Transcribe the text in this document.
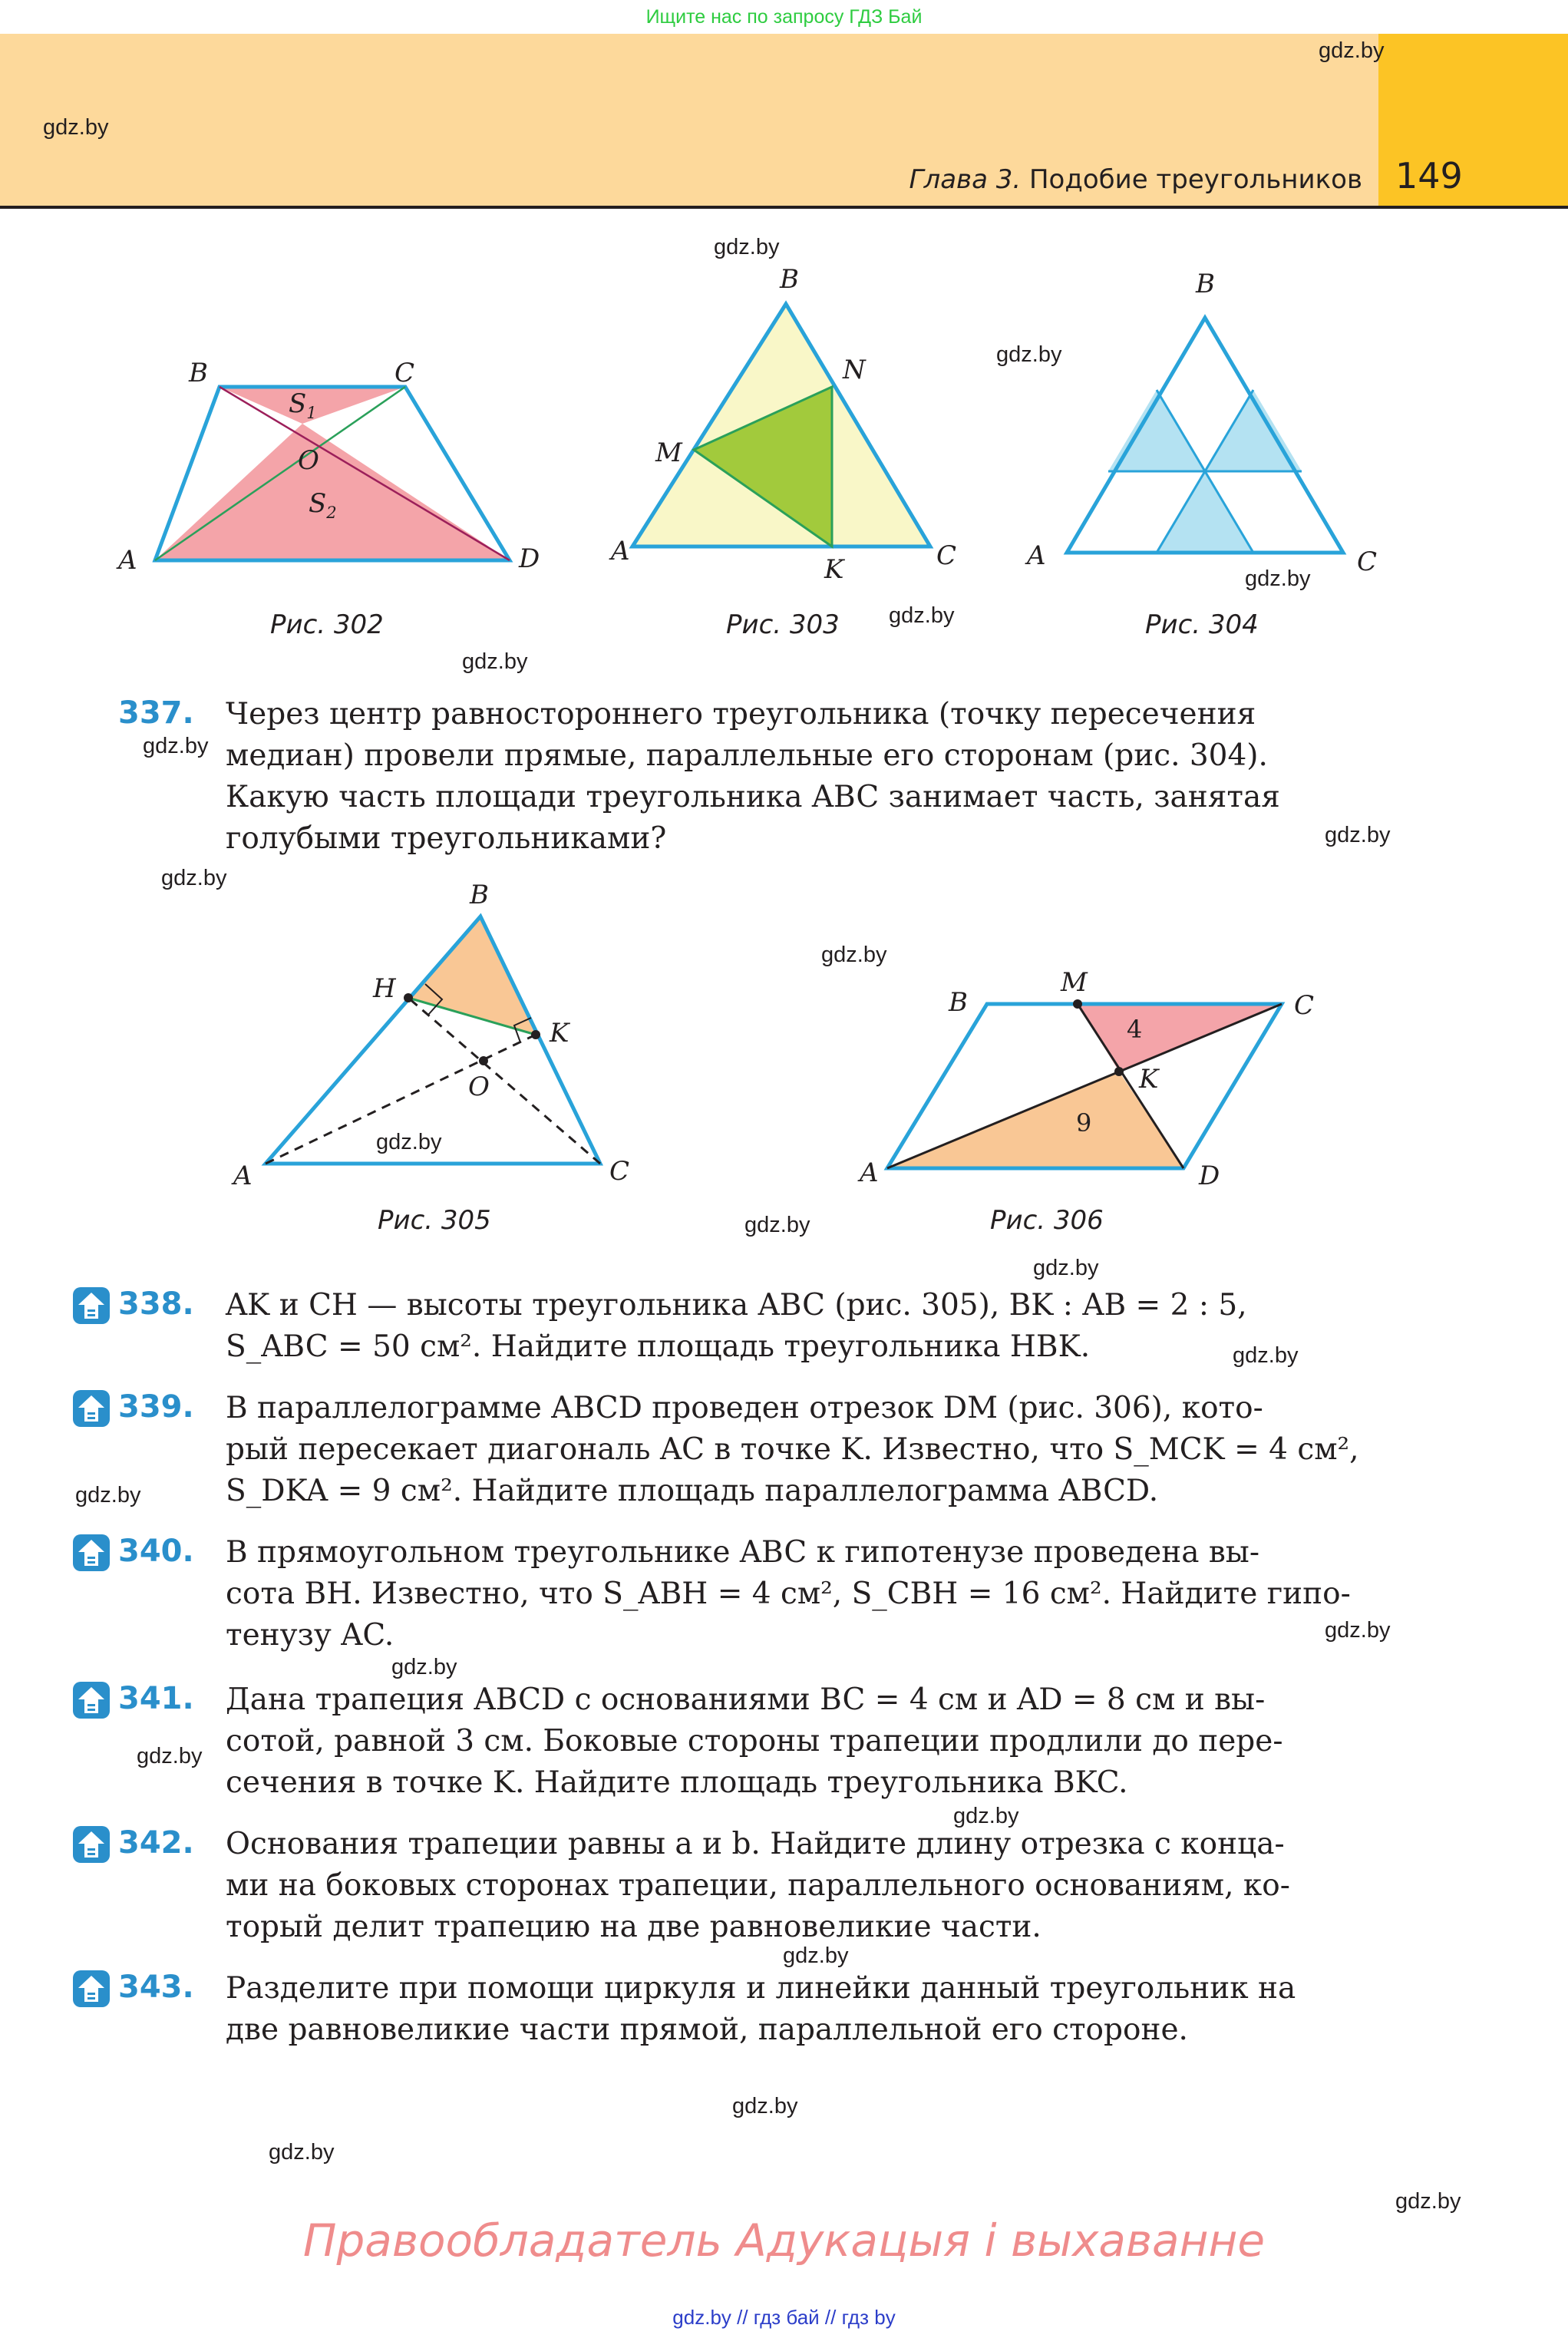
Ищите нас по запросу ГДЗ Бай
Глава 3. Подобие треугольников 149
gdz.by
gdz.by
gdz.by
gdz.by
gdz.by
gdz.by
gdz.by
gdz.by
gdz.by
gdz.by
gdz.by
gdz.by
gdz.by
gdz.by
gdz.by
gdz.by
gdz.by
gdz.by
gdz.by
gdz.by
gdz.by
gdz.by
gdz.by
gdz.by
B	C
O
A	D
$S_1$
$S_2$
Рис. 302
B
N
M
A
K	C
Рис. 303
B
A	C
Рис. 304
337. Через центр равностороннего треугольника (точку пересечения
медиан) провели прямые, параллельные его сторонам (рис. 304).
Какую часть площади треугольника ABC занимает часть, занятая
голубыми треугольниками?
B
H
K
O
A	C
Рис. 305
B
M
C
K
A	D
4
9
Рис. 306
338. AK и CH — высоты треугольника ABC (рис. 305), BK : AB = 2 : 5,
S_ABC = 50 см². Найдите площадь треугольника HBK.
339. В параллелограмме ABCD проведен отрезок DM (рис. 306), кото-
рый пересекает диагональ AC в точке K. Известно, что S_MCK = 4 см²,
S_DKA = 9 см². Найдите площадь параллелограмма ABCD.
340. В прямоугольном треугольнике ABC к гипотенузе проведена вы-
сота BH. Известно, что S_ABH = 4 см², S_CBH = 16 см². Найдите гипо-
тенузу AC.
341. Дана трапеция ABCD с основаниями BC = 4 см и AD = 8 см и вы-
сотой, равной 3 см. Боковые стороны трапеции продлили до пере-
сечения в точке K. Найдите площадь треугольника BKC.
342. Основания трапеции равны a и b. Найдите длину отрезка с конца-
ми на боковых сторонах трапеции, параллельного основаниям, ко-
торый делит трапецию на две равновеликие части.
343. Разделите при помощи циркуля и линейки данный треугольник на
две равновеликие части прямой, параллельной его стороне.
Правообладатель Адукацыя і выхаванне
gdz.by // гдз бай // гдз by
